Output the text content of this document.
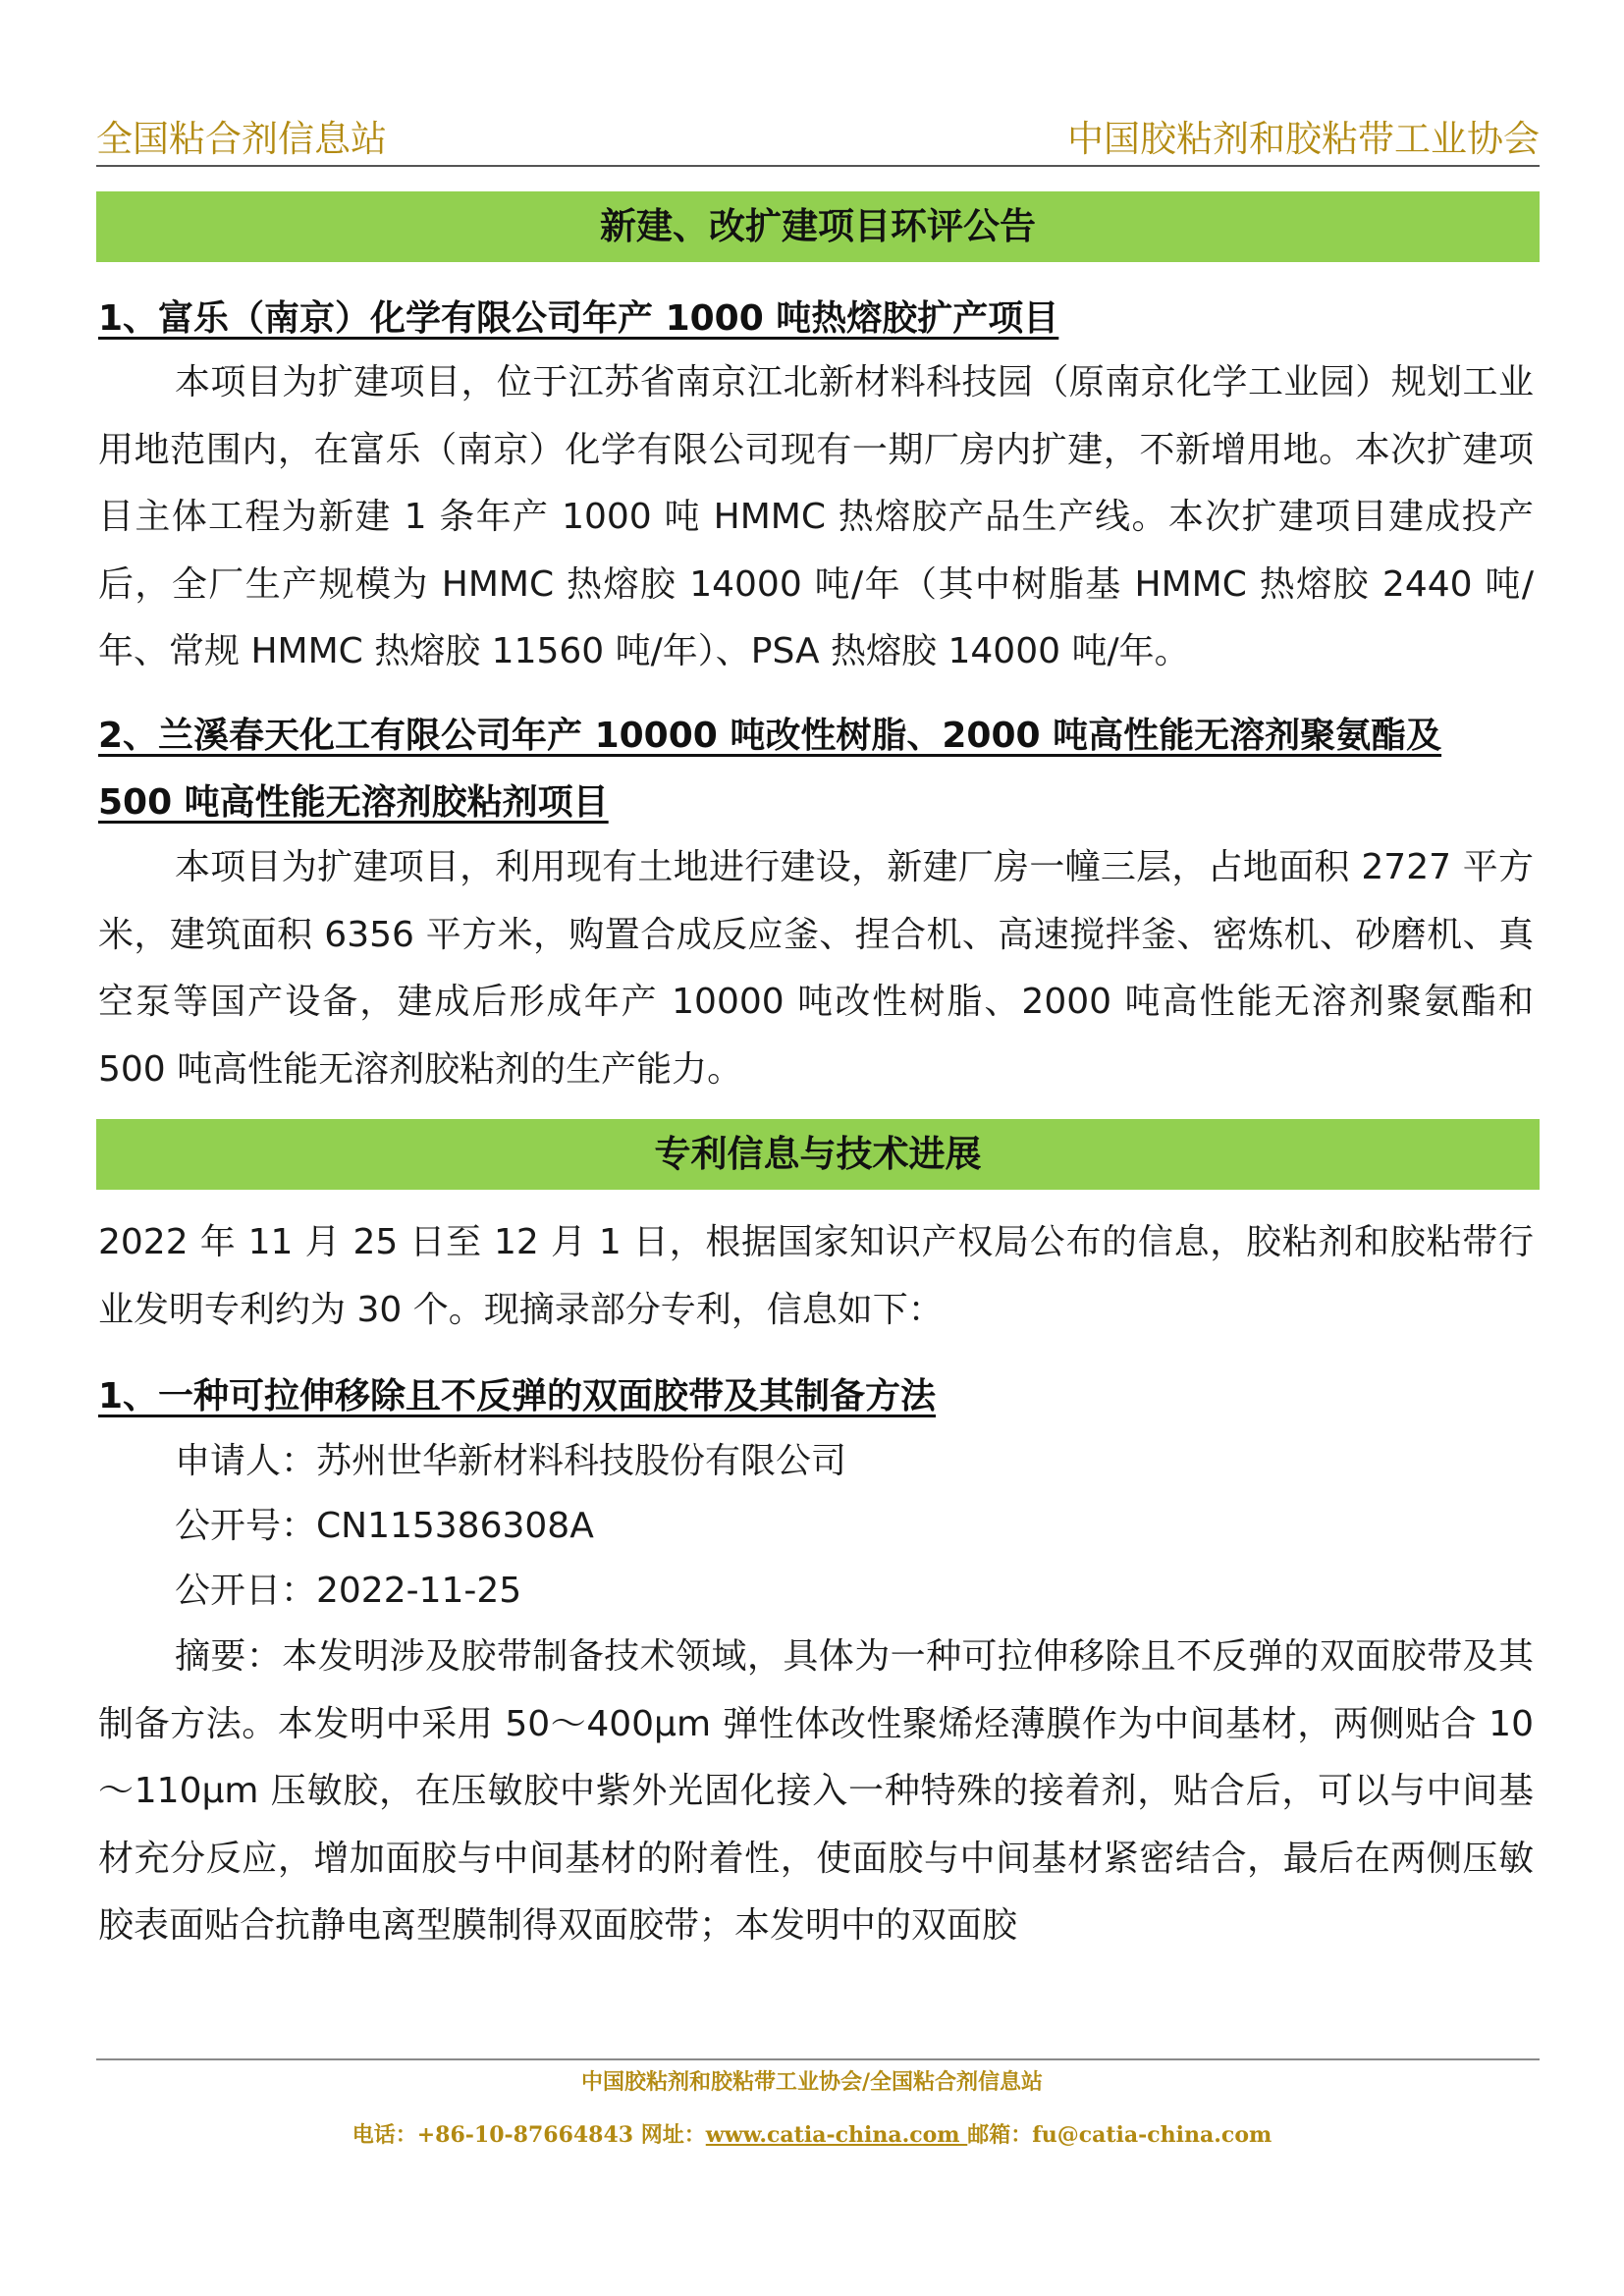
全国粘合剂信息站	中国胶粘剂和胶粘带工业协会
新建、改扩建项目环评公告
1、富乐（南京）化学有限公司年产 1000 吨热熔胶扩产项目
本项目为扩建项目，位于江苏省南京江北新材料科技园（原南京化学工业园）规划工业用地范围内，在富乐（南京）化学有限公司现有一期厂房内扩建，不新增用地。本次扩建项目主体工程为新建 1 条年产 1000 吨 HMMC 热熔胶产品生产线。本次扩建项目建成投产后，全厂生产规模为 HMMC 热熔胶 14000 吨/年（其中树脂基 HMMC 热熔胶 2440 吨/年、常规 HMMC 热熔胶 11560 吨/年）、PSA 热熔胶 14000 吨/年。
2、兰溪春天化工有限公司年产 10000 吨改性树脂、2000 吨高性能无溶剂聚氨酯及
500 吨高性能无溶剂胶粘剂项目
本项目为扩建项目，利用现有土地进行建设，新建厂房一幢三层，占地面积 2727 平方米，建筑面积 6356 平方米，购置合成反应釜、捏合机、高速搅拌釜、密炼机、砂磨机、真空泵等国产设备，建成后形成年产 10000 吨改性树脂、2000 吨高性能无溶剂聚氨酯和 500 吨高性能无溶剂胶粘剂的生产能力。
专利信息与技术进展
2022 年 11 月 25 日至 12 月 1 日，根据国家知识产权局公布的信息，胶粘剂和胶粘带行业发明专利约为 30 个。现摘录部分专利，信息如下：
1、一种可拉伸移除且不反弹的双面胶带及其制备方法
申请人：苏州世华新材料科技股份有限公司
公开号：CN115386308A
公开日：2022-11-25
摘要：本发明涉及胶带制备技术领域，具体为一种可拉伸移除且不反弹的双面胶带及其制备方法。本发明中采用 50～400μm 弹性体改性聚烯烃薄膜作为中间基材，两侧贴合 10～110μm 压敏胶，在压敏胶中紫外光固化接入一种特殊的接着剂，贴合后，可以与中间基材充分反应，增加面胶与中间基材的附着性，使面胶与中间基材紧密结合，最后在两侧压敏胶表面贴合抗静电离型膜制得双面胶带；本发明中的双面胶
中国胶粘剂和胶粘带工业协会/全国粘合剂信息站
电话：+86-10-87664843 网址：www.catia-china.com 邮箱：fu@catia-china.com
